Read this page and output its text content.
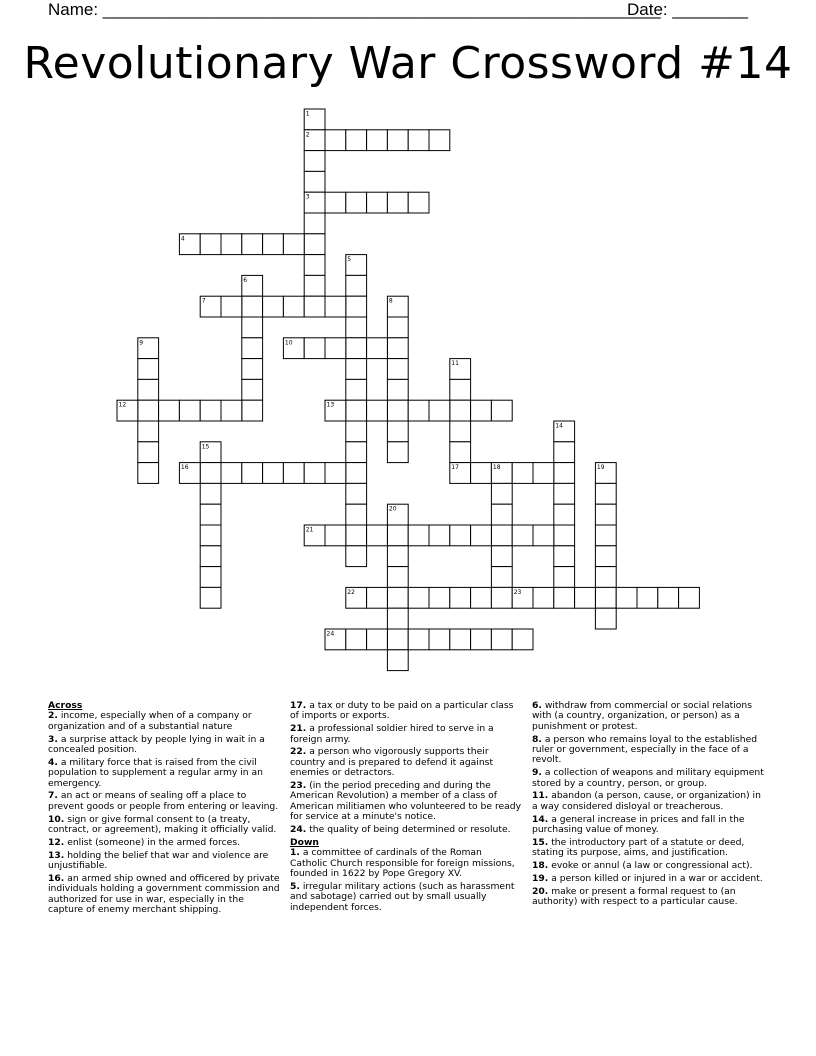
Name: ___________________________________________________________
Date: ________
Revolutionary War Crossword #14
1
2
3
4
5
6
7	8
9	10
11
12	13
14
15
16	17	18	19
20
21
22	23
24
Across
2. income, especially when of a company or organization and of a substantial nature
3. a surprise attack by people lying in wait in a concealed position.
4. a military force that is raised from the civil population to supplement a regular army in an emergency.
7. an act or means of sealing off a place to prevent goods or people from entering or leaving.
10. sign or give formal consent to (a treaty, contract, or agreement), making it officially valid.
12. enlist (someone) in the armed forces.
13. holding the belief that war and violence are unjustifiable.
16. an armed ship owned and officered by private individuals holding a government commission and authorized for use in war, especially in the capture of enemy merchant shipping.
17. a tax or duty to be paid on a particular class of imports or exports.
21. a professional soldier hired to serve in a foreign army.
22. a person who vigorously supports their country and is prepared to defend it against enemies or detractors.
23. (in the period preceding and during the American Revolution) a member of a class of American militiamen who volunteered to be ready for service at a minute's notice.
24. the quality of being determined or resolute.
Down
1. a committee of cardinals of the Roman Catholic Church responsible for foreign missions, founded in 1622 by Pope Gregory XV.
5. irregular military actions (such as harassment and sabotage) carried out by small usually independent forces.
6. withdraw from commercial or social relations with (a country, organization, or person) as a punishment or protest.
8. a person who remains loyal to the established ruler or government, especially in the face of a revolt.
9. a collection of weapons and military equipment stored by a country, person, or group.
11. abandon (a person, cause, or organization) in a way considered disloyal or treacherous.
14. a general increase in prices and fall in the purchasing value of money.
15. the introductory part of a statute or deed, stating its purpose, aims, and justification.
18. evoke or annul (a law or congressional act).
19. a person killed or injured in a war or accident.
20. make or present a formal request to (an authority) with respect to a particular cause.
